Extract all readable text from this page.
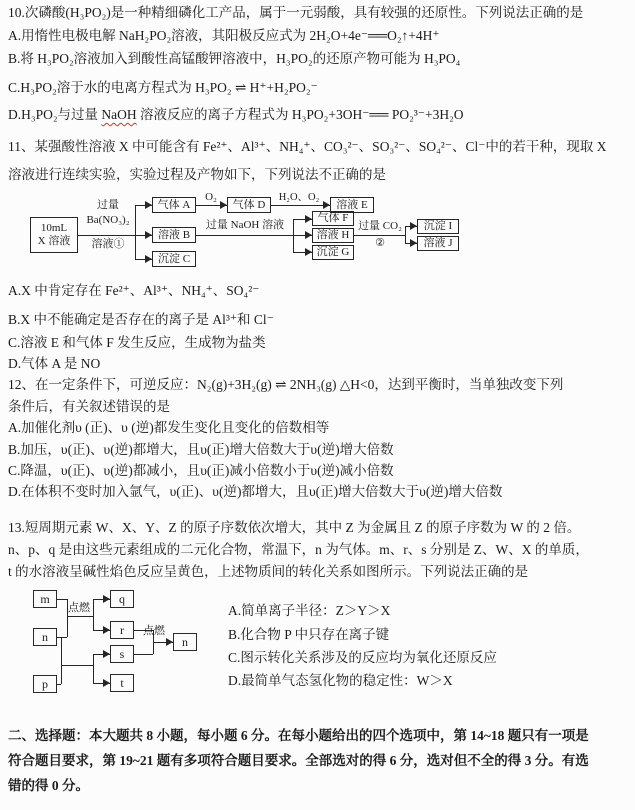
10.次磷酸(H₃PO₂)是一种精细磷化工产品，属于一元弱酸，具有较强的还原性。下列说法正确的是
A.用惰性电极电解 NaH₂PO₂溶液，其阳极反应式为 2H₂O+4e⁻══O₂↑+4H⁺
B.将 H₃PO₂溶液加入到酸性高锰酸钾溶液中，H₃PO₂的还原产物可能为 H₃PO₄
C.H₃PO₂溶于水的电离方程式为 H₃PO₂ ⇌ H⁺+H₂PO₂⁻
D.H₃PO₂与过量 NaOH 溶液反应的离子方程式为 H₃PO₂+3OH⁻══ PO₂³⁻+3H₂O
11、某强酸性溶液 X 中可能含有 Fe²⁺、Al³⁺、NH₄⁺、CO₃²⁻、SO₃²⁻、SO₄²⁻、Cl⁻中的若干种，现取 X
溶液进行连续实验，实验过程及产物如下，下列说法不正确的是
10mL
X 溶液
过量
Ba(NO₃)₂
溶液①
气体 A
O₂
气体 D
H₂O、O₂
溶液 E
溶液 B
过量 NaOH 溶液
气体 F
溶液 H
沉淀 G
过量 CO₂
②
沉淀 I
溶液 J
沉淀 C
A.X 中肯定存在 Fe²⁺、Al³⁺、NH₄⁺、SO₄²⁻
B.X 中不能确定是否存在的离子是 Al³⁺和 Cl⁻
C.溶液 E 和气体 F 发生反应，生成物为盐类
D.气体 A 是 NO
12、在一定条件下，可逆反应：N₂(g)+3H₂(g) ⇌ 2NH₃(g) △H<0，达到平衡时，当单独改变下列
条件后，有关叙述错误的是
A.加催化剂υ (正)、υ (逆)都发生变化且变化的倍数相等
B.加压，υ(正)、υ(逆)都增大，且υ(正)增大倍数大于υ(逆)增大倍数
C.降温，υ(正)、υ(逆)都减小，且υ(正)减小倍数小于υ(逆)减小倍数
D.在体积不变时加入氩气，υ(正)、υ(逆)都增大，且υ(正)增大倍数大于υ(逆)增大倍数
13.短周期元素 W、X、Y、Z 的原子序数依次增大，其中 Z 为金属且 Z 的原子序数为 W 的 2 倍。
n、p、q 是由这些元素组成的二元化合物，常温下，n 为气体。m、r、s 分别是 Z、W、X 的单质，
t 的水溶液呈碱性焰色反应呈黄色，上述物质间的转化关系如图所示。下列说法正确的是
m
n
p
q
r
s
t
n
点燃
点燃
A.简单离子半径：Z＞Y＞X
B.化合物 P 中只存在离子键
C.图示转化关系涉及的反应均为氧化还原反应
D.最简单气态氢化物的稳定性：W＞X
二、选择题：本大题共 8 小题，每小题 6 分。在每小题给出的四个选项中，第 14~18 题只有一项是
符合题目要求，第 19~21 题有多项符合题目要求。全部选对的得 6 分，选对但不全的得 3 分。有选
错的得 0 分。
